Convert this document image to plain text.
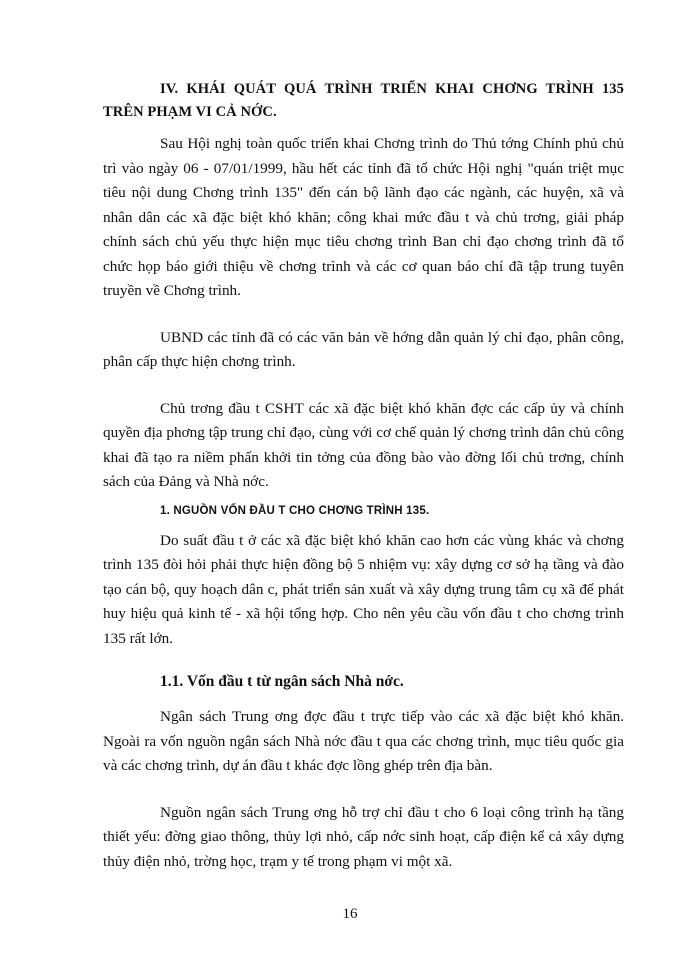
IV. KHÁI QUÁT QUÁ TRÌNH TRIỂN KHAI CHƠNG TRÌNH 135 TRÊN PHẠM VI CẢ NỚC.

Sau Hội nghị toàn quốc triển khai Chơng trình do Thủ tớng Chính phủ chủ trì vào ngày 06 - 07/01/1999, hầu hết các tỉnh đã tổ chức Hội nghị "quán triệt mục tiêu nội dung Chơng trình 135" đến cán bộ lãnh đạo các ngành, các huyện, xã và nhân dân các xã đặc biệt khó khăn; công khai mức đầu t và chủ trơng, giải pháp chính sách chủ yếu thực hiện mục tiêu chơng trình Ban chỉ đạo chơng trình đã tổ chức họp báo giới thiệu về chơng trình và các cơ quan báo chí đã tập trung tuyên truyền về Chơng trình.

UBND các tỉnh đã có các văn bản về hớng dẫn quản lý chỉ đạo, phân công, phân cấp thực hiện chơng trình.

Chủ trơng đầu t CSHT các xã đặc biệt khó khăn đợc các cấp ủy và chính quyền địa phơng tập trung chỉ đạo, cùng với cơ chế quản lý chơng trình dân chủ công khai đã tạo ra niềm phấn khởi tin tởng của đồng bào vào đờng lối chủ trơng, chính sách của Đảng và Nhà nớc.

1. NGUỒN VỐN ĐẦU T CHO CHƠNG TRÌNH 135.

Do suất đầu t ở các xã đặc biệt khó khăn cao hơn các vùng khác và chơng trình 135 đòi hỏi phải thực hiện đồng bộ 5 nhiệm vụ: xây dựng cơ sở hạ tầng và đào tạo cán bộ, quy hoạch dân c, phát triển sản xuất và xây dựng trung tâm cụ xã để phát huy hiệu quả kinh tế - xã hội tổng hợp. Cho nên yêu cầu vốn đầu t cho chơng trình 135 rất lớn.

1.1. Vốn đầu t từ ngân sách Nhà nớc.

Ngân sách Trung ơng đợc đầu t trực tiếp vào các xã đặc biệt khó khăn. Ngoài ra vốn nguồn ngân sách Nhà nớc đầu t qua các chơng trình, mục tiêu quốc gia và các chơng trình, dự án đầu t khác đợc lồng ghép trên địa bàn.

Nguồn ngân sách Trung ơng hỗ trợ chỉ đầu t cho 6 loại công trình hạ tầng thiết yếu: đờng giao thông, thủy lợi nhỏ, cấp nớc sinh hoạt, cấp điện kể cả xây dựng thủy điện nhỏ, trờng học, trạm y tế trong phạm vi một xã.

16
